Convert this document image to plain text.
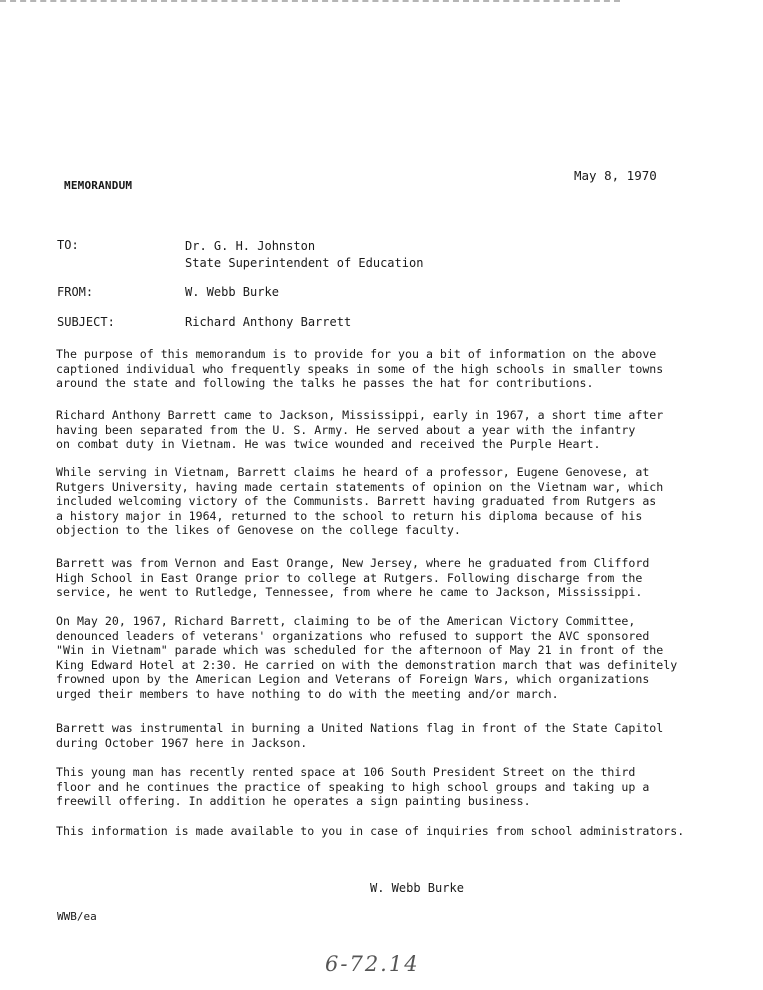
May 8, 1970
MEMORANDUM
TO:	Dr. G. H. Johnston
State Superintendent of Education
FROM:	W. Webb Burke
SUBJECT:	Richard Anthony Barrett
The purpose of this memorandum is to provide for you a bit of information on the above
captioned individual who frequently speaks in some of the high schools in smaller towns
around the state and following the talks he passes the hat for contributions.
Richard Anthony Barrett came to Jackson, Mississippi, early in 1967, a short time after
having been separated from the U. S. Army. He served about a year with the infantry
on combat duty in Vietnam. He was twice wounded and received the Purple Heart.
While serving in Vietnam, Barrett claims he heard of a professor, Eugene Genovese, at
Rutgers University, having made certain statements of opinion on the Vietnam war, which
included welcoming victory of the Communists. Barrett having graduated from Rutgers as
a history major in 1964, returned to the school to return his diploma because of his
objection to the likes of Genovese on the college faculty.
Barrett was from Vernon and East Orange, New Jersey, where he graduated from Clifford
High School in East Orange prior to college at Rutgers. Following discharge from the
service, he went to Rutledge, Tennessee, from where he came to Jackson, Mississippi.
On May 20, 1967, Richard Barrett, claiming to be of the American Victory Committee,
denounced leaders of veterans' organizations who refused to support the AVC sponsored
"Win in Vietnam" parade which was scheduled for the afternoon of May 21 in front of the
King Edward Hotel at 2:30. He carried on with the demonstration march that was definitely
frowned upon by the American Legion and Veterans of Foreign Wars, which organizations
urged their members to have nothing to do with the meeting and/or march.
Barrett was instrumental in burning a United Nations flag in front of the State Capitol
during October 1967 here in Jackson.
This young man has recently rented space at 106 South President Street on the third
floor and he continues the practice of speaking to high school groups and taking up a
freewill offering. In addition he operates a sign painting business.
This information is made available to you in case of inquiries from school administrators.
W. Webb Burke
WWB/ea
6-72.14
